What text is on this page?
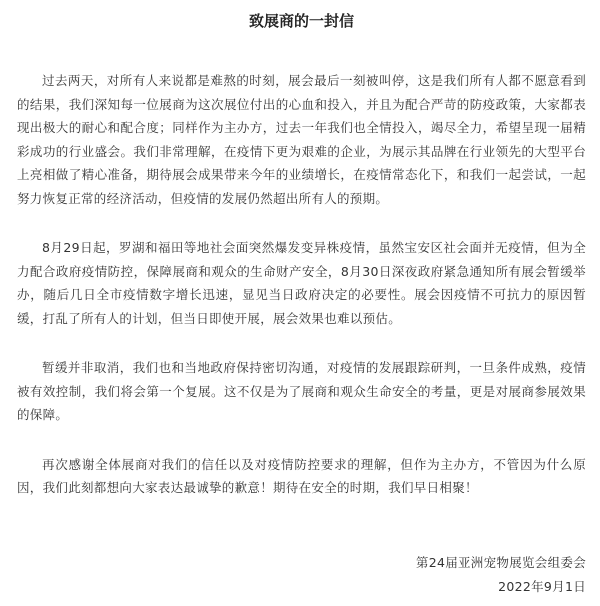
致展商的一封信

过去两天，对所有人来说都是难熬的时刻，展会最后一刻被叫停，这是我们所有人都不愿意看到的结果，我们深知每一位展商为这次展位付出的心血和投入，并且为配合严苛的防疫政策，大家都表现出极大的耐心和配合度；同样作为主办方，过去一年我们也全情投入，竭尽全力，希望呈现一届精彩成功的行业盛会。我们非常理解，在疫情下更为艰难的企业，为展示其品牌在行业领先的大型平台上亮相做了精心准备，期待展会成果带来今年的业绩增长，在疫情常态化下，和我们一起尝试，一起努力恢复正常的经济活动，但疫情的发展仍然超出所有人的预期。

8月29日起，罗湖和福田等地社会面突然爆发变异株疫情，虽然宝安区社会面并无疫情，但为全力配合政府疫情防控，保障展商和观众的生命财产安全，8月30日深夜政府紧急通知所有展会暂缓举办，随后几日全市疫情数字增长迅速，显见当日政府决定的必要性。展会因疫情不可抗力的原因暂缓，打乱了所有人的计划，但当日即使开展，展会效果也难以预估。

暂缓并非取消，我们也和当地政府保持密切沟通，对疫情的发展跟踪研判，一旦条件成熟，疫情被有效控制，我们将会第一个复展。这不仅是为了展商和观众生命安全的考量，更是对展商参展效果的保障。

再次感谢全体展商对我们的信任以及对疫情防控要求的理解，但作为主办方，不管因为什么原因，我们此刻都想向大家表达最诚挚的歉意！期待在安全的时期，我们早日相聚！

第24届亚洲宠物展览会组委会
2022年9月1日
